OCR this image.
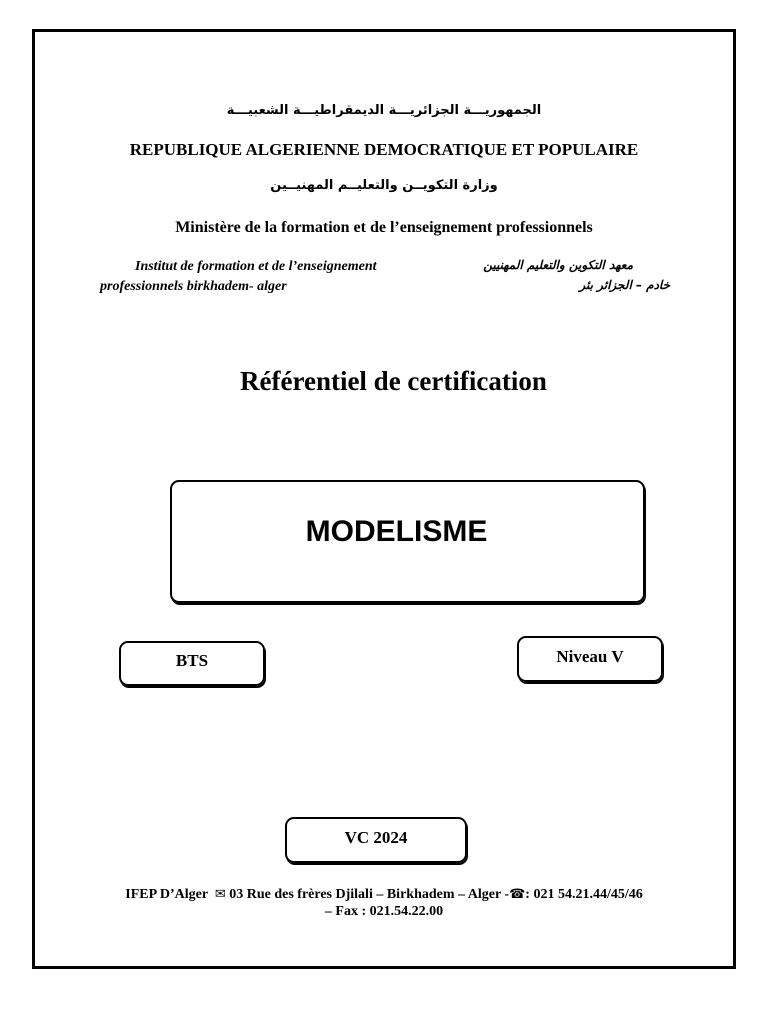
الجمهوريـــة الجزائريـــة الديمقراطيـــة الشعبيـــة
REPUBLIQUE ALGERIENNE DEMOCRATIQUE ET POPULAIRE
وزارة التكويــن والتعليــم المهنيــين
Ministère de la formation et de l’enseignement professionnels
Institut de formation et de l’enseignement
professionnels birkhadem- alger
معهد التكوين والتعليم المهنيين
خادم – الجزائر بئر
Référentiel de certification
MODELISME
BTS	Niveau V
VC 2024
IFEP D’Alger ✉ 03 Rue des frères Djilali – Birkhadem – Alger -☎: 021 54.21.44/45/46
– Fax : 021.54.22.00
